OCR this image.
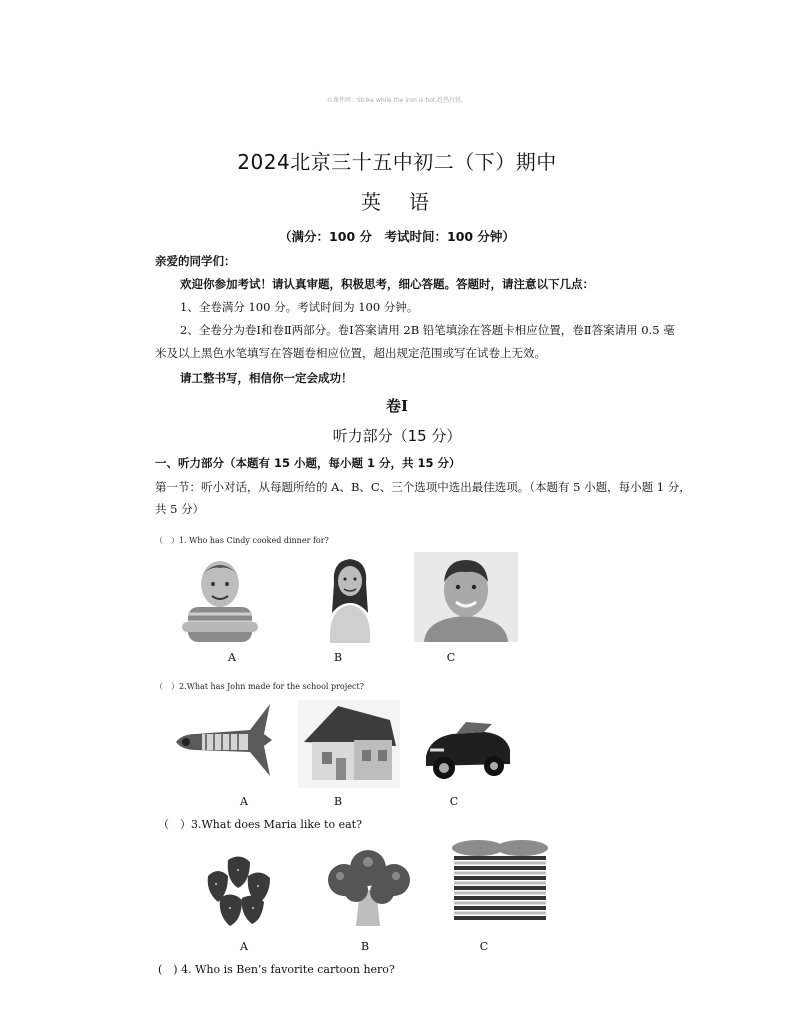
©课件网：Strike while the iron is hot.趁热打铁。
2024北京三十五中初二（下）期中
英语
（满分：100 分　考试时间：100 分钟）
亲爱的同学们：
欢迎你参加考试！请认真审题，积极思考，细心答题。答题时，请注意以下几点：
1、全卷满分 100 分。考试时间为 100 分钟。
2、全卷分为卷Ⅰ和卷Ⅱ两部分。卷Ⅰ答案请用 2B 铅笔填涂在答题卡相应位置，卷Ⅱ答案请用 0.5 毫
米及以上黑色水笔填写在答题卷相应位置，超出规定范围或写在试卷上无效。
请工整书写，相信你一定会成功！
卷Ⅰ
听力部分（15 分）
一、听力部分（本题有 15 小题，每小题 1 分，共 15 分）
第一节：听小对话，从每题所给的 A、B、C、三个选项中选出最佳选项。（本题有 5 小题，每小题 1 分，
共 5 分）
（　）1. Who has Cindy cooked dinner for?
A	B	C
（　）2.What has John made for the school project?
A	B	C
（　）3.What does Maria like to eat?
A	B	C
(　) 4. Who is Ben’s favorite cartoon hero?
